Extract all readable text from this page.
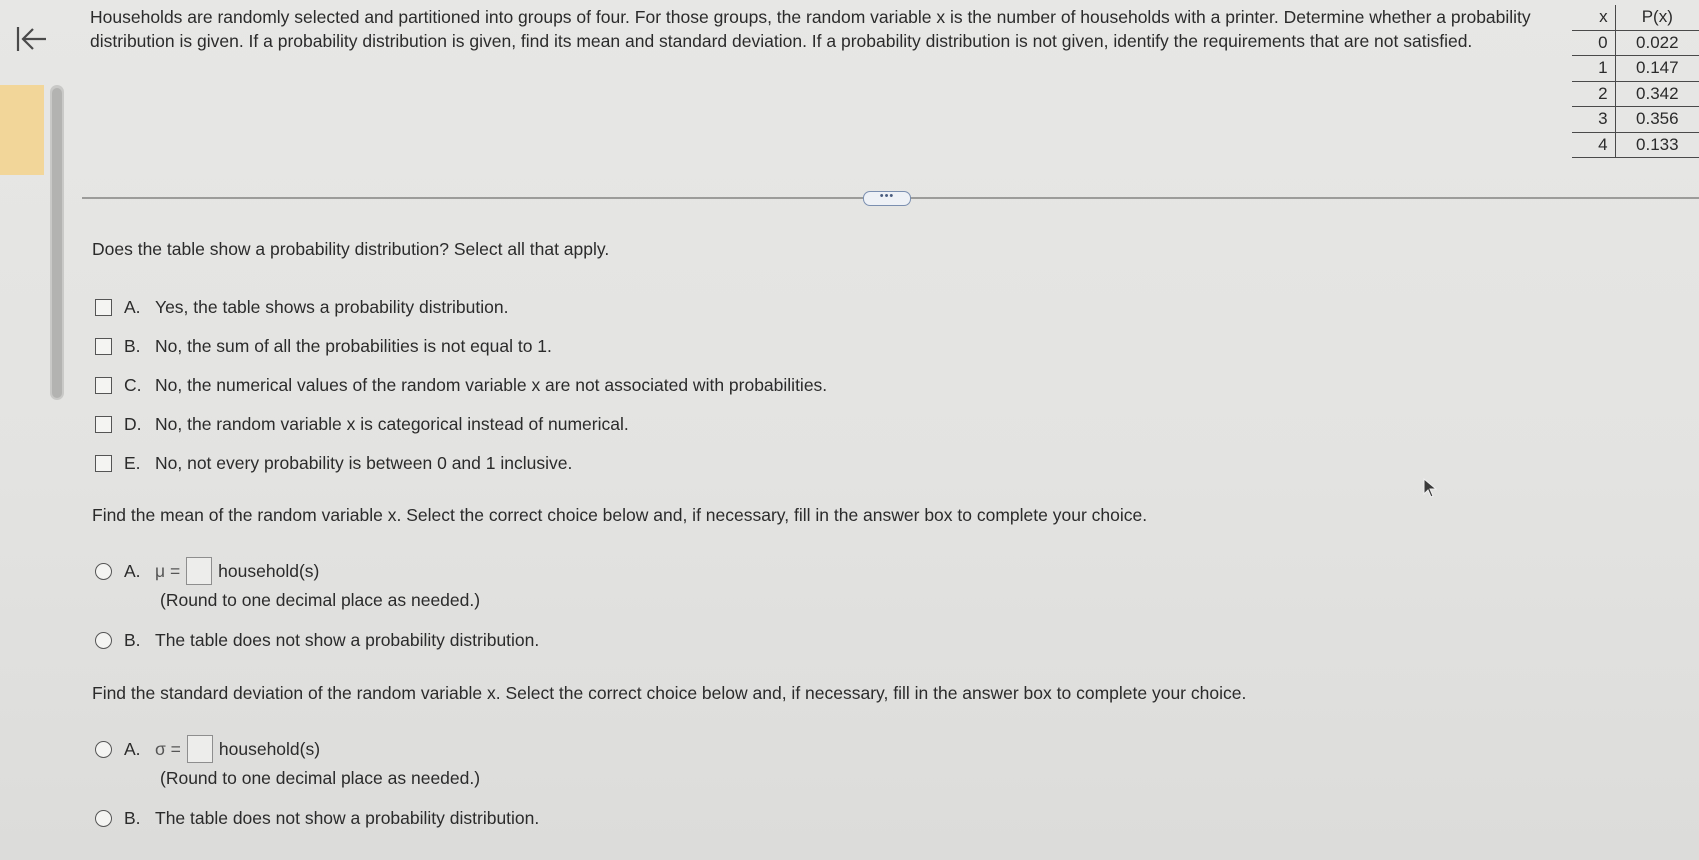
Households are randomly selected and partitioned into groups of four. For those groups, the random variable x is the number of households with a printer. Determine whether a probability distribution is given. If a probability distribution is given, find its mean and standard deviation. If a probability distribution is not given, identify the requirements that are not satisfied.
x	P(x)
0	0.022
1	0.147
2	0.342
3	0.356
4	0.133
•••
Does the table show a probability distribution? Select all that apply.
A. Yes, the table shows a probability distribution.
B. No, the sum of all the probabilities is not equal to 1.
C. No, the numerical values of the random variable x are not associated with probabilities.
D. No, the random variable x is categorical instead of numerical.
E. No, not every probability is between 0 and 1 inclusive.
Find the mean of the random variable x. Select the correct choice below and, if necessary, fill in the answer box to complete your choice.
A. μ = household(s)
(Round to one decimal place as needed.)
B. The table does not show a probability distribution.
Find the standard deviation of the random variable x. Select the correct choice below and, if necessary, fill in the answer box to complete your choice.
A. σ = household(s)
(Round to one decimal place as needed.)
B. The table does not show a probability distribution.
